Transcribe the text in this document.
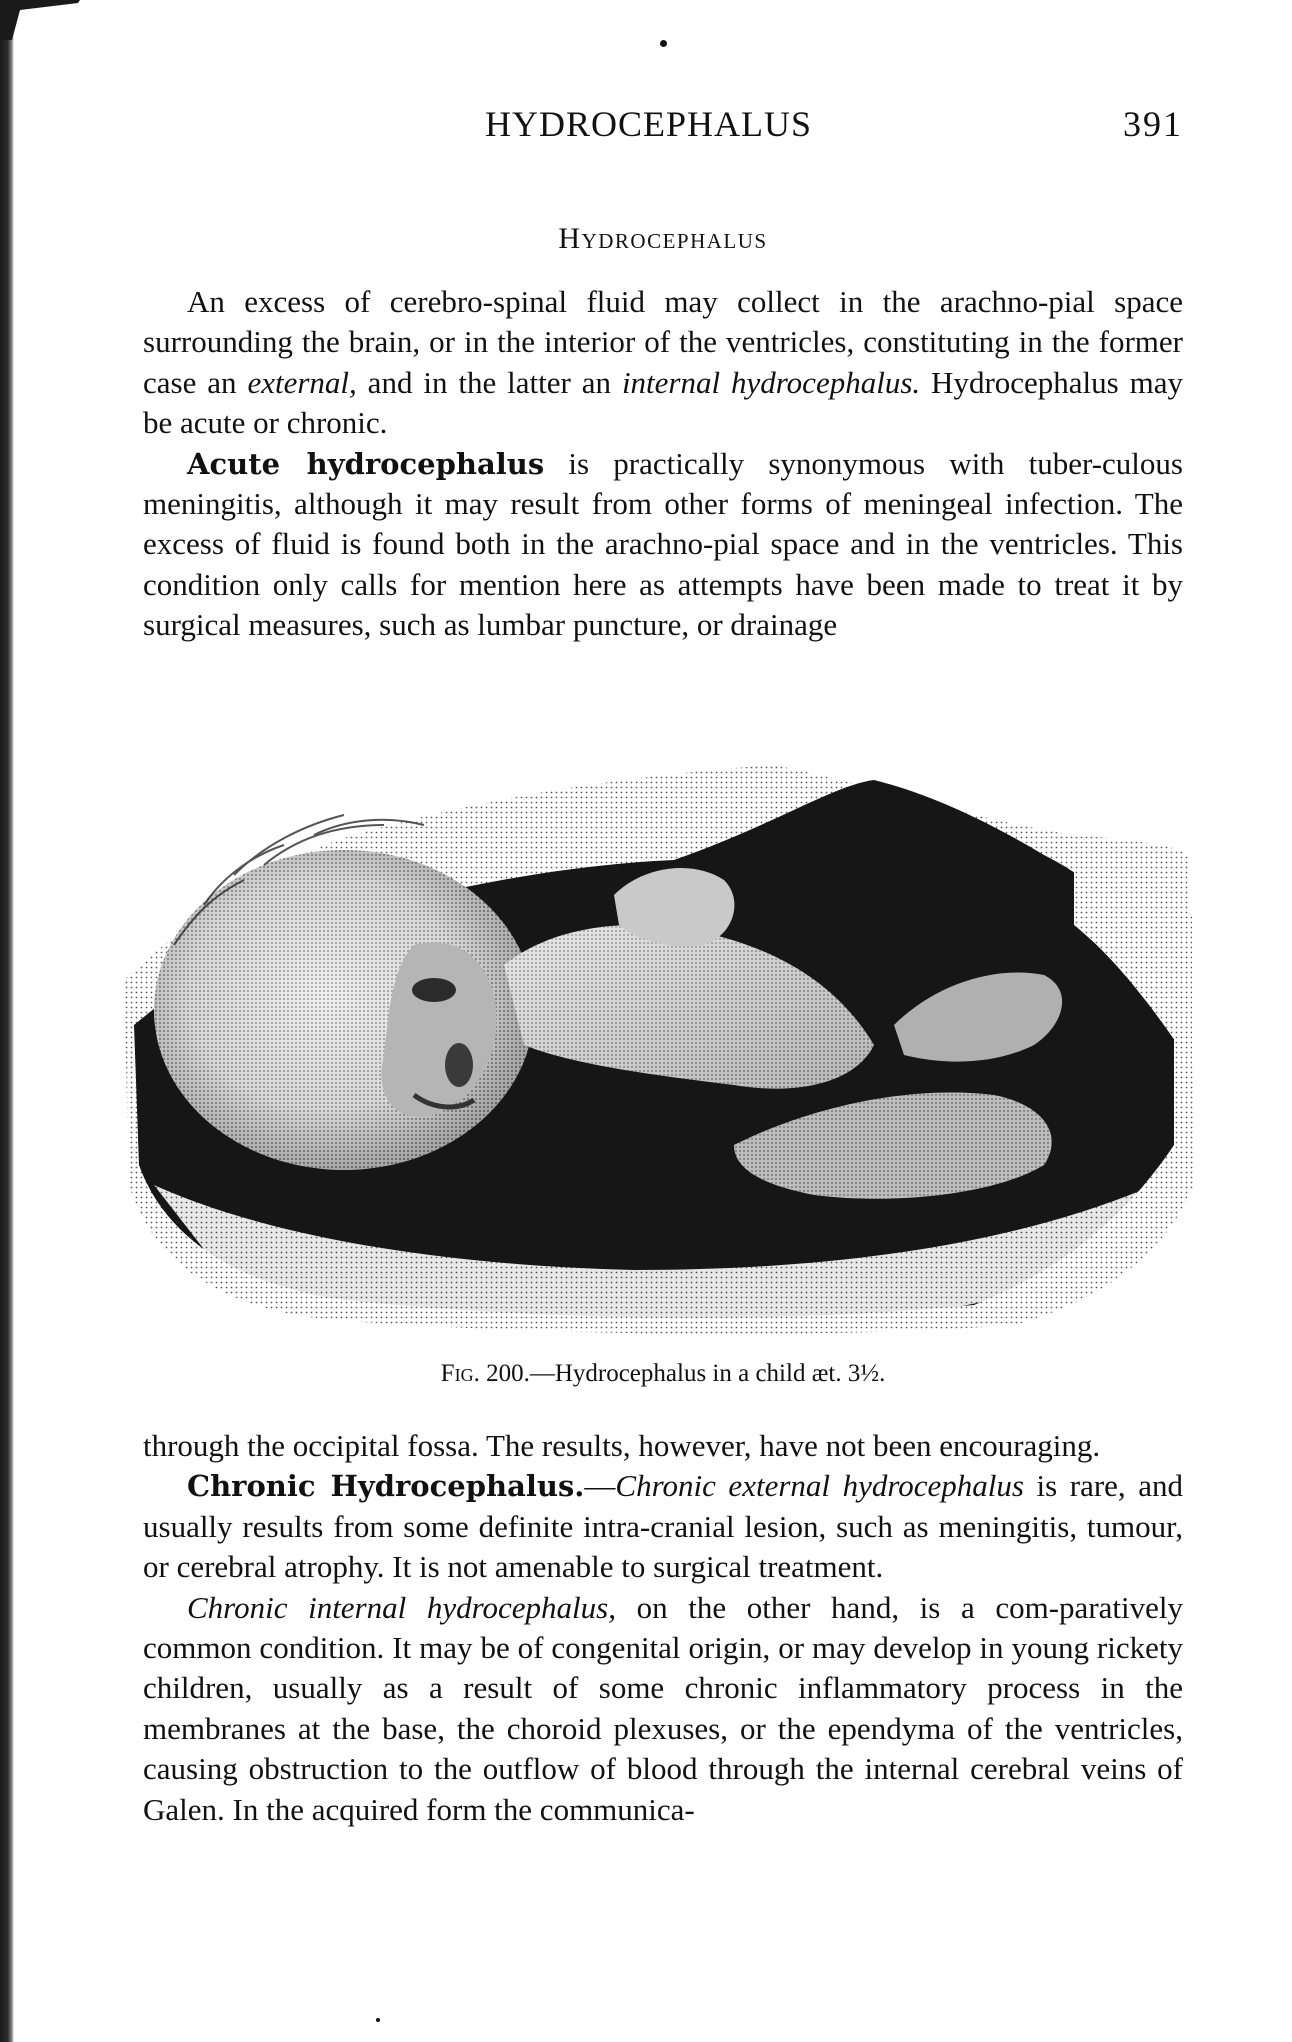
HYDROCEPHALUS	391
Hydrocephalus

An excess of cerebro-spinal fluid may collect in the arachno-pial space surrounding the brain, or in the interior of the ventricles, constituting in the former case an external, and in the latter an internal hydrocephalus. Hydrocephalus may be acute or chronic.

Acute hydrocephalus is practically synonymous with tuber-culous meningitis, although it may result from other forms of meningeal infection. The excess of fluid is found both in the arachno-pial space and in the ventricles. This condition only calls for mention here as attempts have been made to treat it by surgical measures, such as lumbar puncture, or drainage

Fig. 200.—Hydrocephalus in a child æt. 3½.

through the occipital fossa. The results, however, have not been encouraging.

Chronic Hydrocephalus.—Chronic external hydrocephalus is rare, and usually results from some definite intra-cranial lesion, such as meningitis, tumour, or cerebral atrophy. It is not amenable to surgical treatment.

Chronic internal hydrocephalus, on the other hand, is a com-paratively common condition. It may be of congenital origin, or may develop in young rickety children, usually as a result of some chronic inflammatory process in the membranes at the base, the choroid plexuses, or the ependyma of the ventricles, causing obstruction to the outflow of blood through the internal cerebral veins of Galen. In the acquired form the communica-
